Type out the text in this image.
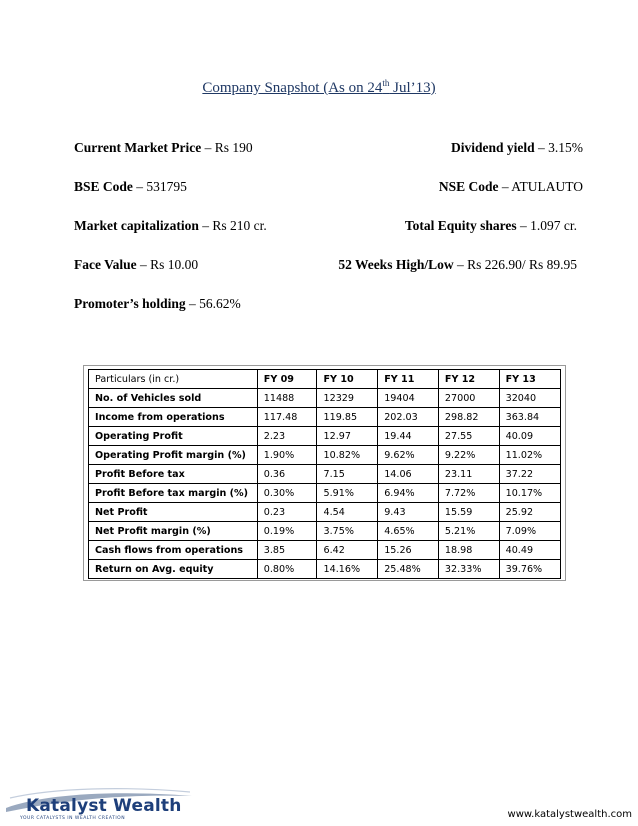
Company Snapshot (As on 24th Jul’13)
Current Market Price – Rs 190	Dividend yield – 3.15%
BSE Code – 531795	NSE Code – ATULAUTO
Market capitalization – Rs 210 cr.	Total Equity shares – 1.097 cr.
Face Value – Rs 10.00	52 Weeks High/Low – Rs 226.90/ Rs 89.95
Promoter’s holding – 56.62%
Particulars (in cr.)	FY 09	FY 10	FY 11	FY 12	FY 13
No. of Vehicles sold	11488	12329	19404	27000	32040
Income from operations	117.48	119.85	202.03	298.82	363.84
Operating Profit	2.23	12.97	19.44	27.55	40.09
Operating Profit margin (%)	1.90%	10.82%	9.62%	9.22%	11.02%
Profit Before tax	0.36	7.15	14.06	23.11	37.22
Profit Before tax margin (%)	0.30%	5.91%	6.94%	7.72%	10.17%
Net Profit	0.23	4.54	9.43	15.59	25.92
Net Profit margin (%)	0.19%	3.75%	4.65%	5.21%	7.09%
Cash flows from operations	3.85	6.42	15.26	18.98	40.49
Return on Avg. equity	0.80%	14.16%	25.48%	32.33%	39.76%
Katalyst Wealth
YOUR CATALYSTS IN WEALTH CREATION	www.katalystwealth.com
